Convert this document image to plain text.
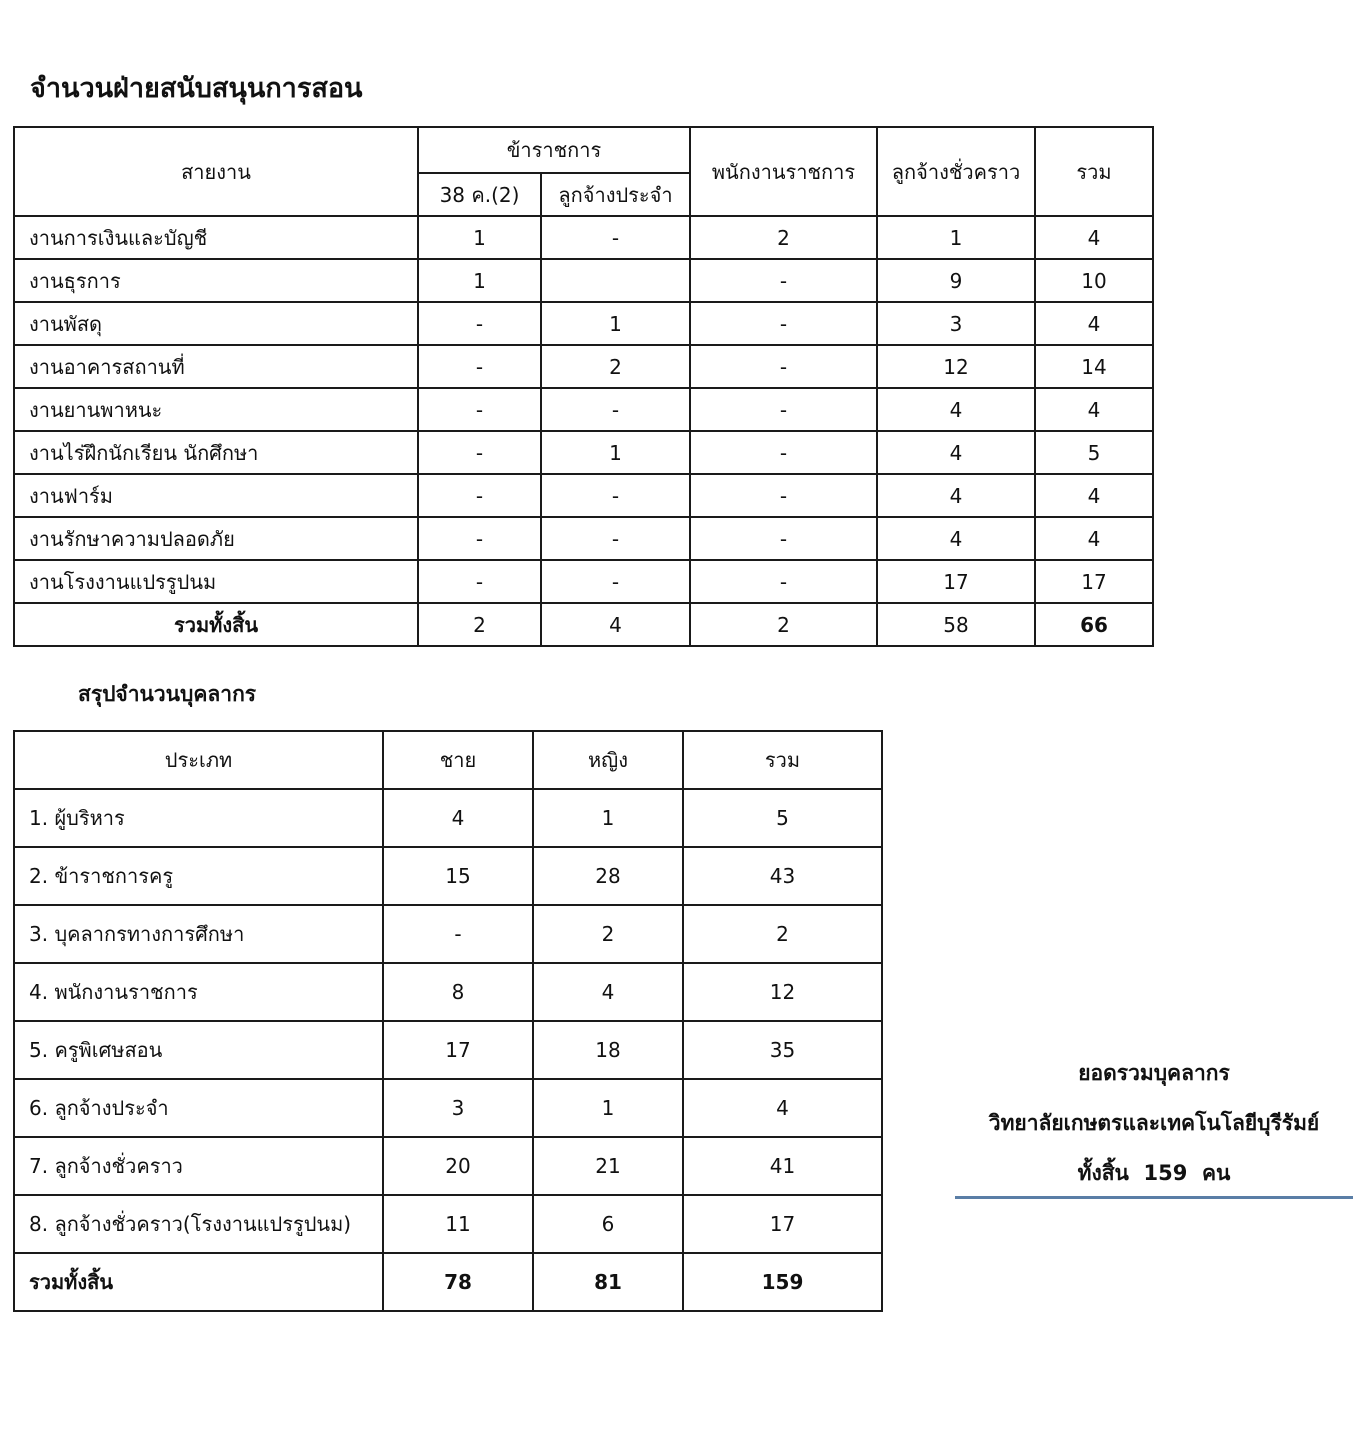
จำนวนฝ่ายสนับสนุนการสอน
สายงาน	ข้าราชการ		พนักงานราชการ	ลูกจ้างชั่วคราว	รวม
	38 ค.(2)	ลูกจ้างประจำ			
งานการเงินและบัญชี	1	-	2	1	4
งานธุรการ	1		-	9	10
งานพัสดุ	-	1	-	3	4
งานอาคารสถานที่	-	2	-	12	14
งานยานพาหนะ	-	-	-	4	4
งานไร่ฝึกนักเรียน นักศึกษา	-	1	-	4	5
งานฟาร์ม	-	-	-	4	4
งานรักษาความปลอดภัย	-	-	-	4	4
งานโรงงานแปรรูปนม	-	-	-	17	17
รวมทั้งสิ้น	2	4	2	58	66
สรุปจำนวนบุคลากร
ประเภท	ชาย	หญิง	รวม
1. ผู้บริหาร	4	1	5
2. ข้าราชการครู	15	28	43
3. บุคลากรทางการศึกษา	-	2	2
4. พนักงานราชการ	8	4	12
5. ครูพิเศษสอน	17	18	35
6. ลูกจ้างประจำ	3	1	4
7. ลูกจ้างชั่วคราว	20	21	41
8. ลูกจ้างชั่วคราว(โรงงานแปรรูปนม)	11	6	17
รวมทั้งสิ้น	78	81	159
ยอดรวมบุคลากร
วิทยาลัยเกษตรและเทคโนโลยีบุรีรัมย์
ทั้งสิ้น  159  คน
